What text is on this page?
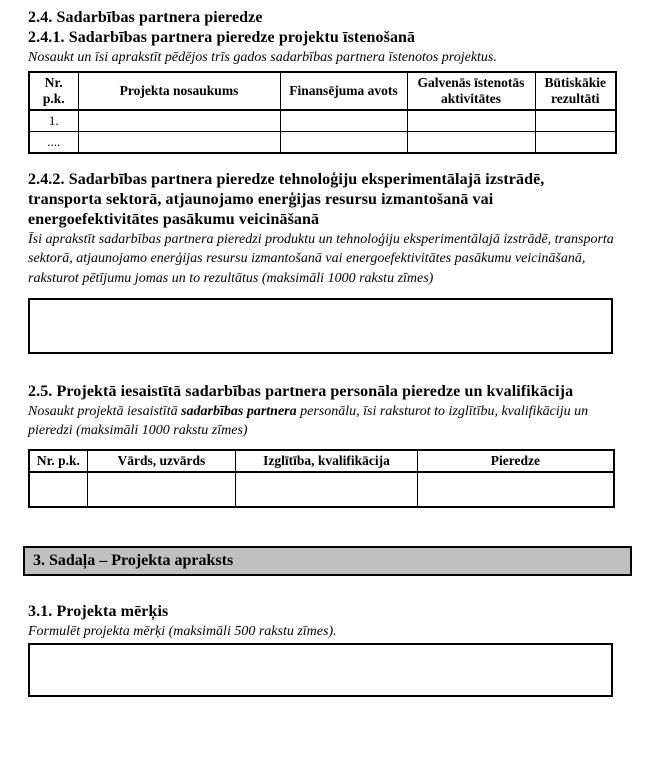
2.4. Sadarbības partnera pieredze
2.4.1. Sadarbības partnera pieredze projektu īstenošanā

Nosaukt un īsi aprakstīt pēdējos trīs gados sadarbības partnera īstenotos projektus.

Nr. p.k.	Projekta nosaukums	Finansējuma avots	Galvenās īstenotās aktivitātes	Būtiskākie rezultāti
1.				
....				
2.4.2. Sadarbības partnera pieredze tehnoloģiju eksperimentālajā izstrādē, transporta sektorā, atjaunojamo enerģijas resursu izmantošanā vai energoefektivitātes pasākumu veicināšanā

Īsi aprakstīt sadarbības partnera pieredzi produktu un tehnoloģiju eksperimentālajā izstrādē, transporta sektorā, atjaunojamo enerģijas resursu izmantošanā vai energoefektivitātes pasākumu veicināšanā, raksturot pētījumu jomas un to rezultātus (maksimāli 1000 rakstu zīmes)

2.5. Projektā iesaistītā sadarbības partnera personāla pieredze un kvalifikācija

Nosaukt projektā iesaistītā sadarbības partnera personālu, īsi raksturot to izglītību, kvalifikāciju un pieredzi (maksimāli 1000 rakstu zīmes)

Nr. p.k.	Vārds, uzvārds	Izglītība, kvalifikācija	Pieredze

3. Sadaļa – Projekta apraksts
3.1. Projekta mērķis

Formulēt projekta mērķi (maksimāli 500 rakstu zīmes).
